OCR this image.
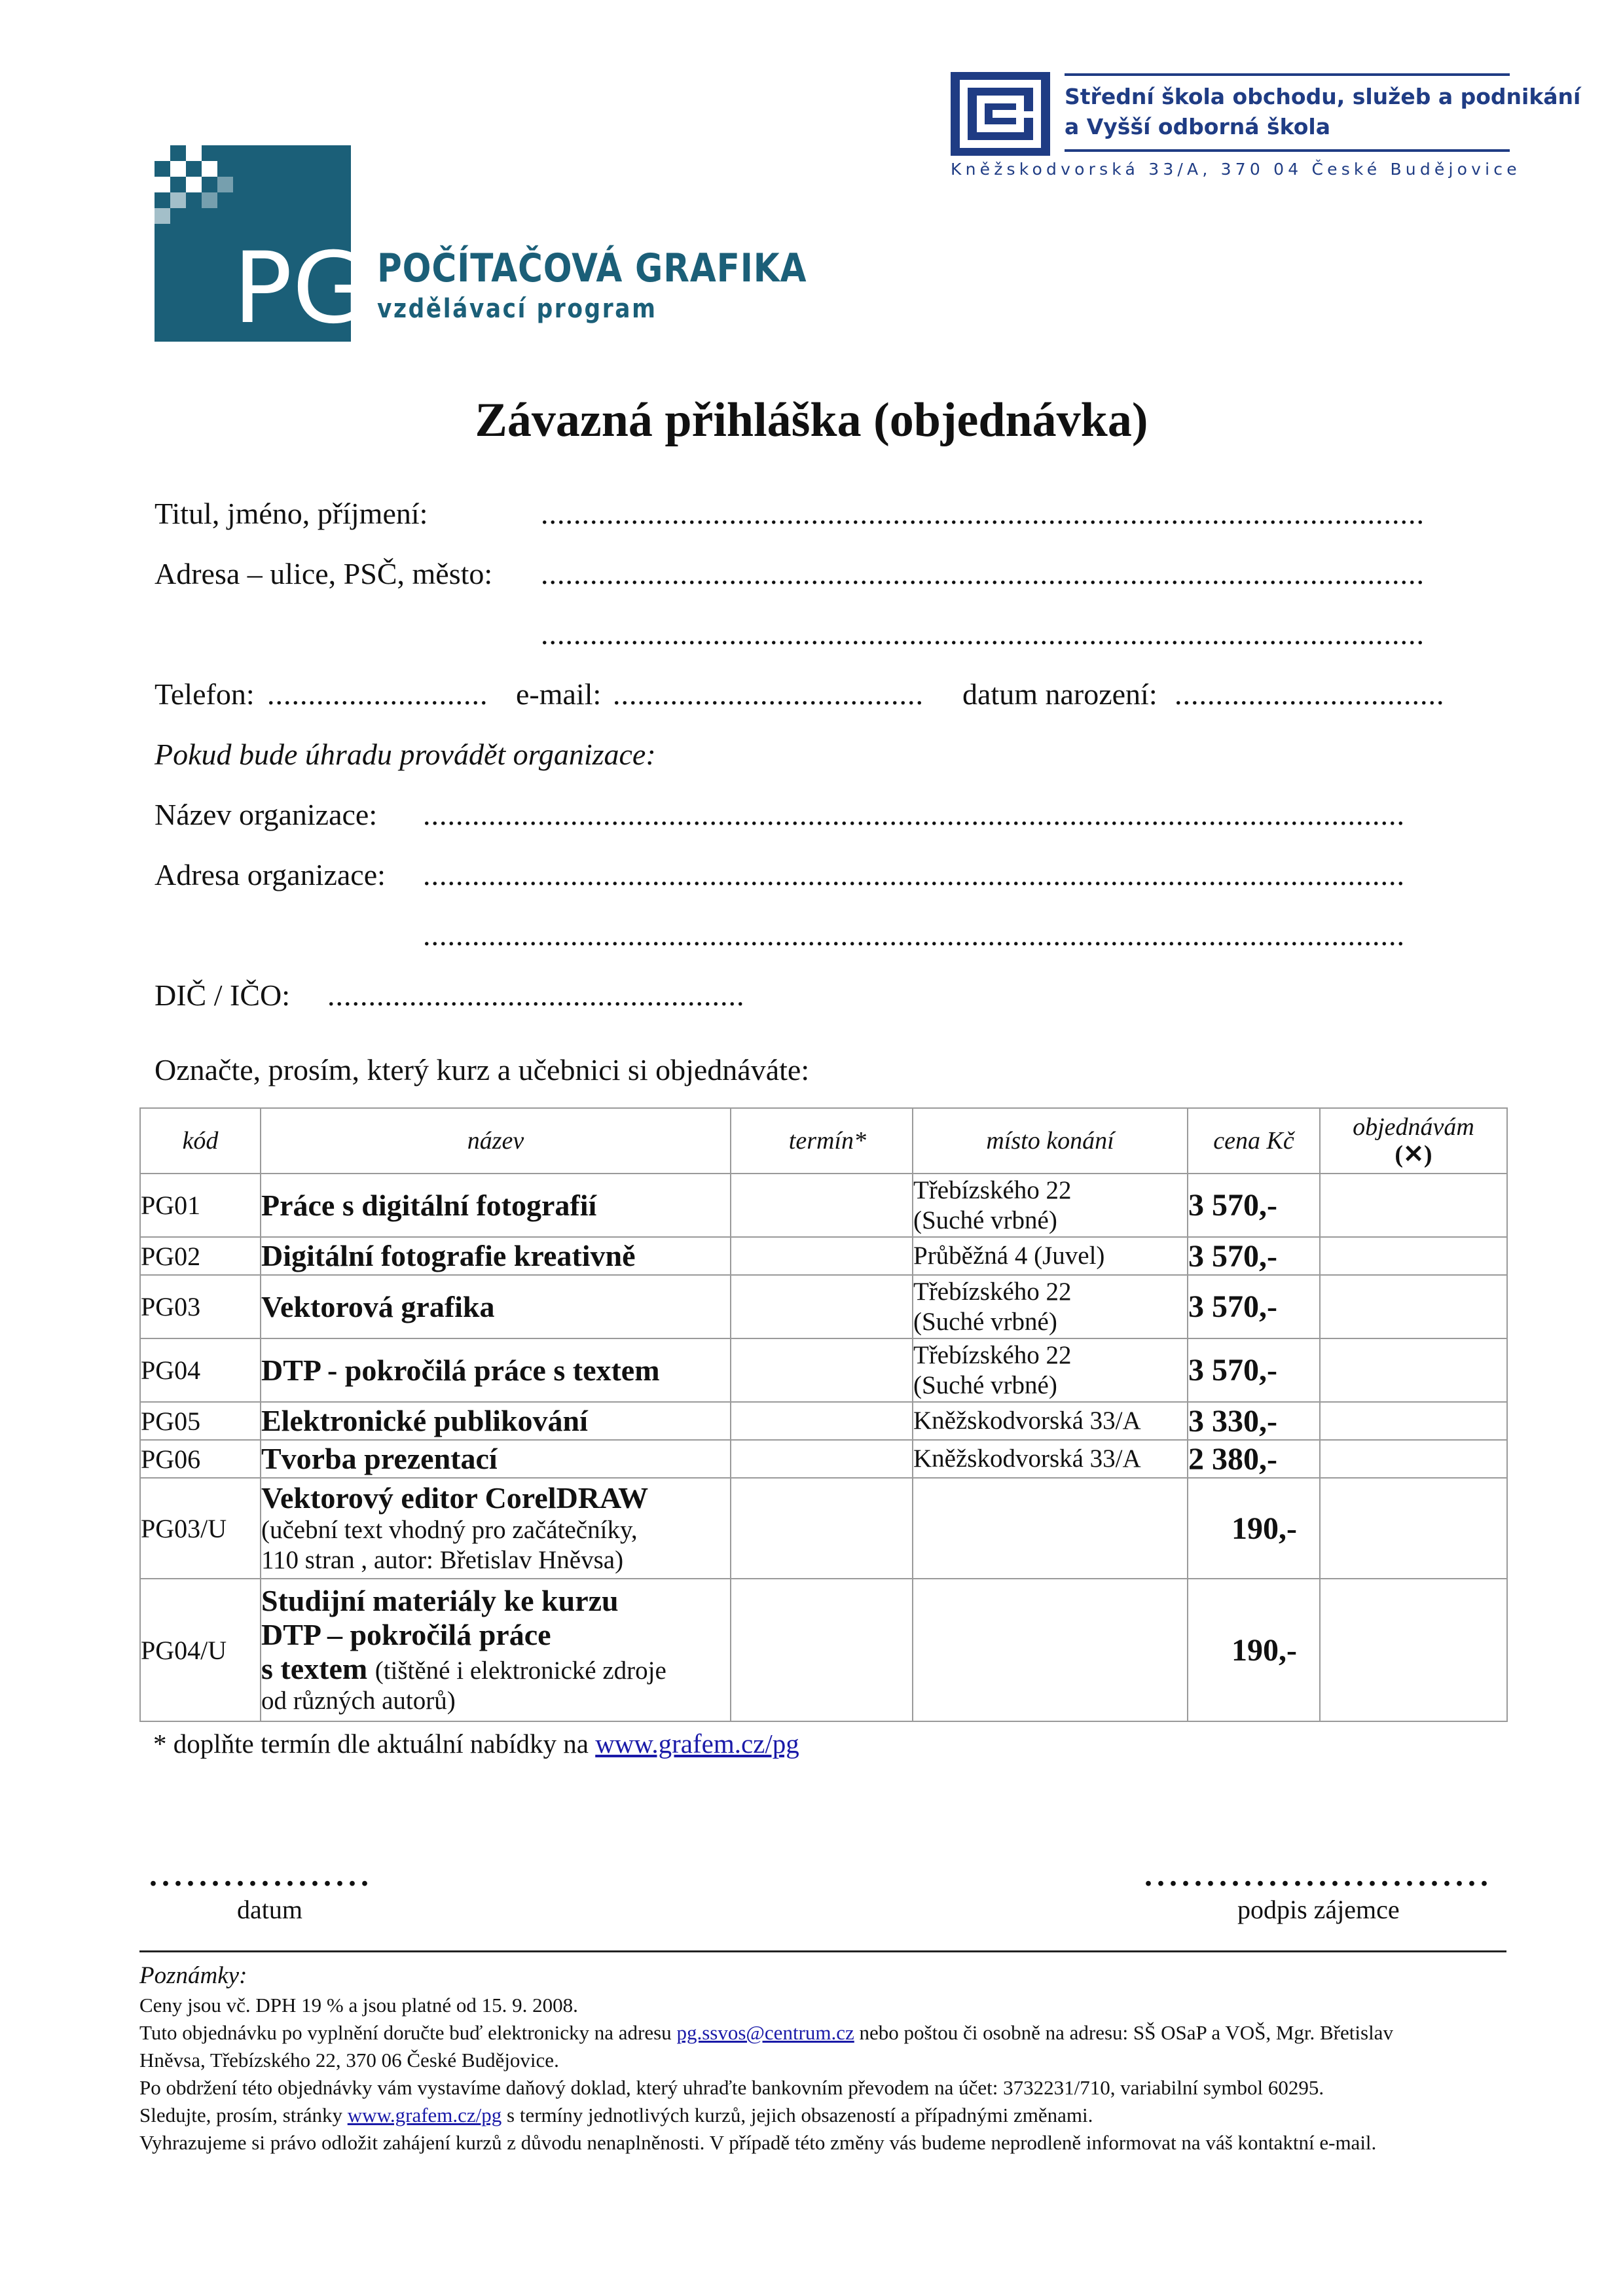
Střední škola obchodu, služeb a podnikání
a Vyšší odborná škola
Kněžskodvorská 33/A, 370 04 České Budějovice
PG POČÍTAČOVÁ GRAFIKA
vzdělávací program
Závazná přihláška (objednávka)
Titul, jméno, příjmení:	............................................................................................................
Adresa – ulice, PSČ, město: ............................................................................................................
............................................................................................................
Telefon: ........................... e-mail: ...................................... datum narození: .................................
Pokud bude úhradu provádět organizace:
Název organizace: ........................................................................................................................
Adresa organizace: ........................................................................................................................
........................................................................................................................
DIČ / IČO: ...................................................
Označte, prosím, který kurz a učebnici si objednáváte:
kód	název	termín*	místo konání	cena Kč	objednávám
(✕)

PG01	Práce s digitální fotografií		Třebízského 22
(Suché vrbné)	3 570,-	
PG02	Digitální fotografie kreativně		Průběžná 4 (Juvel)	3 570,-	
PG03	Vektorová grafika		Třebízského 22
(Suché vrbné)	3 570,-	
PG04	DTP - pokročilá práce s textem		Třebízského 22
(Suché vrbné)	3 570,-	
PG05	Elektronické publikování		Kněžskodvorská 33/A	3 330,-	
PG06	Tvorba prezentací		Kněžskodvorská 33/A	2 380,-	
PG03/U	Vektorový editor CorelDRAW
(učební text vhodný pro začátečníky,
110 stran , autor: Břetislav Hněvsa)			190,-	
PG04/U	Studijní materiály ke kurzu
DTP – pokročilá práce
s textem (tištěné i elektronické zdroje
od různých autorů)			190,-	
* doplňte termín dle aktuální nabídky na www.grafem.cz/pg
..................
datum
............................
podpis zájemce
Poznámky:
Ceny jsou vč. DPH 19 % a jsou platné od 15. 9. 2008.
Tuto objednávku po vyplnění doručte buď elektronicky na adresu pg.ssvos@centrum.cz nebo poštou či osobně na adresu: SŠ OSaP a VOŠ, Mgr. Břetislav
Hněvsa, Třebízského 22, 370 06 České Budějovice.
Po obdržení této objednávky vám vystavíme daňový doklad, který uhraďte bankovním převodem na účet: 3732231/710, variabilní symbol 60295.
Sledujte, prosím, stránky www.grafem.cz/pg s termíny jednotlivých kurzů, jejich obsazeností a případnými změnami.
Vyhrazujeme si právo odložit zahájení kurzů z důvodu nenaplněnosti. V případě této změny vás budeme neprodleně informovat na váš kontaktní e-mail.
